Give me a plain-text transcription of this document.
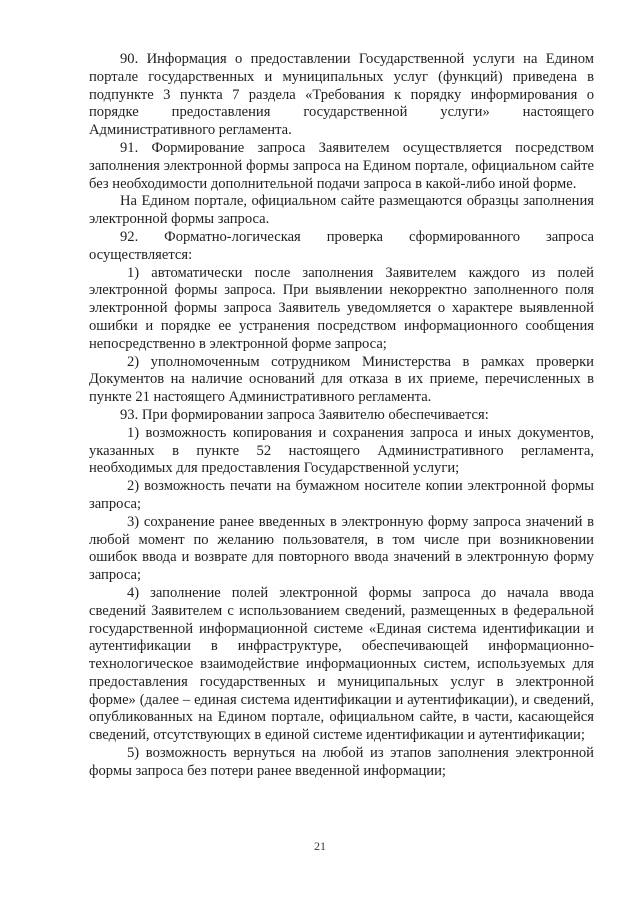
90. Информация о предоставлении Государственной услуги на Едином портале государственных и муниципальных услуг (функций) приведена в подпункте 3 пункта 7 раздела «Требования к порядку информирования о порядке предоставления государственной услуги» настоящего Административного регламента.

91. Формирование запроса Заявителем осуществляется посредством заполнения электронной формы запроса на Едином портале, официальном сайте без необходимости дополнительной подачи запроса в какой-либо иной форме.

На Едином портале, официальном сайте размещаются образцы заполнения электронной формы запроса.

92. Форматно-логическая проверка сформированного запроса осуществляется:

1) автоматически после заполнения Заявителем каждого из полей электронной формы запроса. При выявлении некорректно заполненного поля электронной формы запроса Заявитель уведомляется о характере выявленной ошибки и порядке ее устранения посредством информационного сообщения непосредственно в электронной форме запроса;

2) уполномоченным сотрудником Министерства в рамках проверки Документов на наличие оснований для отказа в их приеме, перечисленных в пункте 21 настоящего Административного регламента.

93. При формировании запроса Заявителю обеспечивается:

1) возможность копирования и сохранения запроса и иных документов, указанных в пункте 52 настоящего Административного регламента, необходимых для предоставления Государственной услуги;

2) возможность печати на бумажном носителе копии электронной формы запроса;

3) сохранение ранее введенных в электронную форму запроса значений в любой момент по желанию пользователя, в том числе при возникновении ошибок ввода и возврате для повторного ввода значений в электронную форму запроса;

4) заполнение полей электронной формы запроса до начала ввода сведений Заявителем с использованием сведений, размещенных в федеральной государственной информационной системе «Единая система идентификации и аутентификации в инфраструктуре, обеспечивающей информационно-технологическое взаимодействие информационных систем, используемых для предоставления государственных и муниципальных услуг в электронной форме» (далее – единая система идентификации и аутентификации), и сведений, опубликованных на Едином портале, официальном сайте, в части, касающейся сведений, отсутствующих в единой системе идентификации и аутентификации;

5) возможность вернуться на любой из этапов заполнения электронной формы запроса без потери ранее введенной информации;

21
